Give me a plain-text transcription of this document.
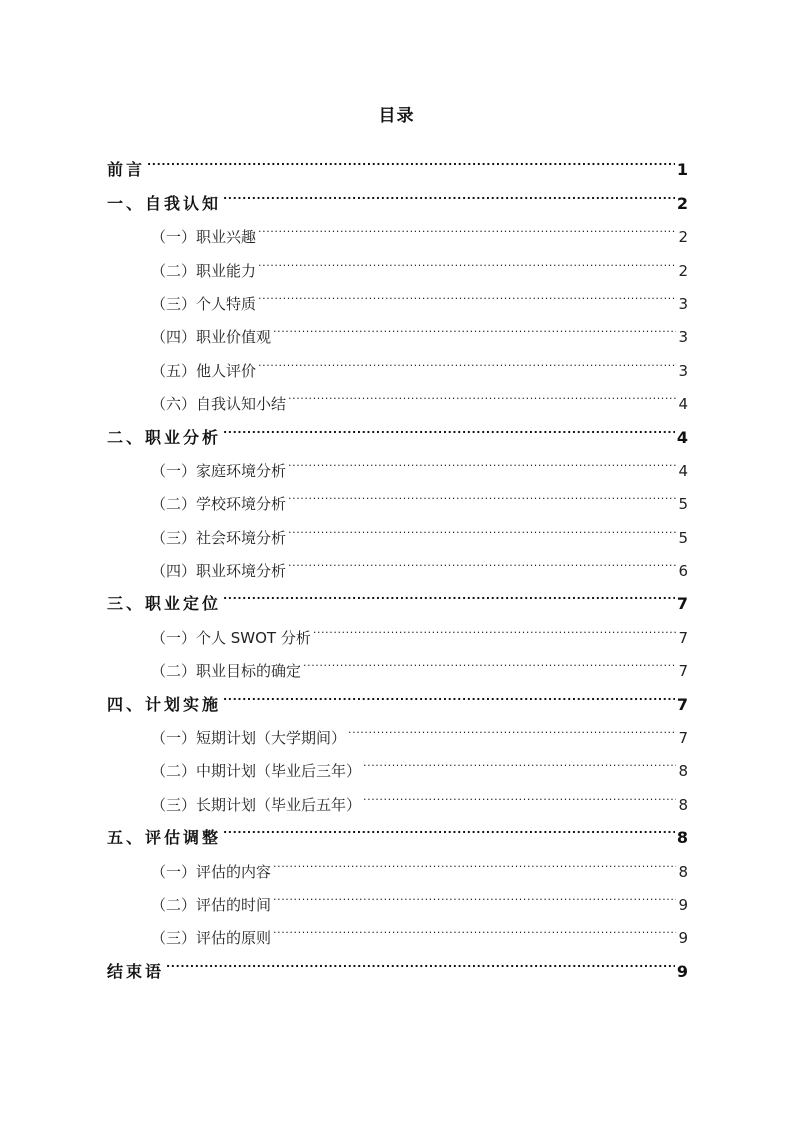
目录
前言 .....	1
一、自我认知 .....	2
（一）职业兴趣 .....	2
（二）职业能力 .....	2
（三）个人特质 .....	3
（四）职业价值观 .....	3
（五）他人评价 .....	3
（六）自我认知小结 .....	4
二、职业分析 .....	4
（一）家庭环境分析 .....	4
（二）学校环境分析 .....	5
（三）社会环境分析 .....	5
（四）职业环境分析 .....	6
三、职业定位 .....	7
（一）个人 SWOT 分析 .....	7
（二）职业目标的确定 .....	7
四、计划实施 .....	7
（一）短期计划（大学期间） .....	7
（二）中期计划（毕业后三年） .....	8
（三）长期计划（毕业后五年） .....	8
五、评估调整 .....	8
（一）评估的内容 .....	8
（二）评估的时间 .....	9
（三）评估的原则 .....	9
结束语 .....	9
